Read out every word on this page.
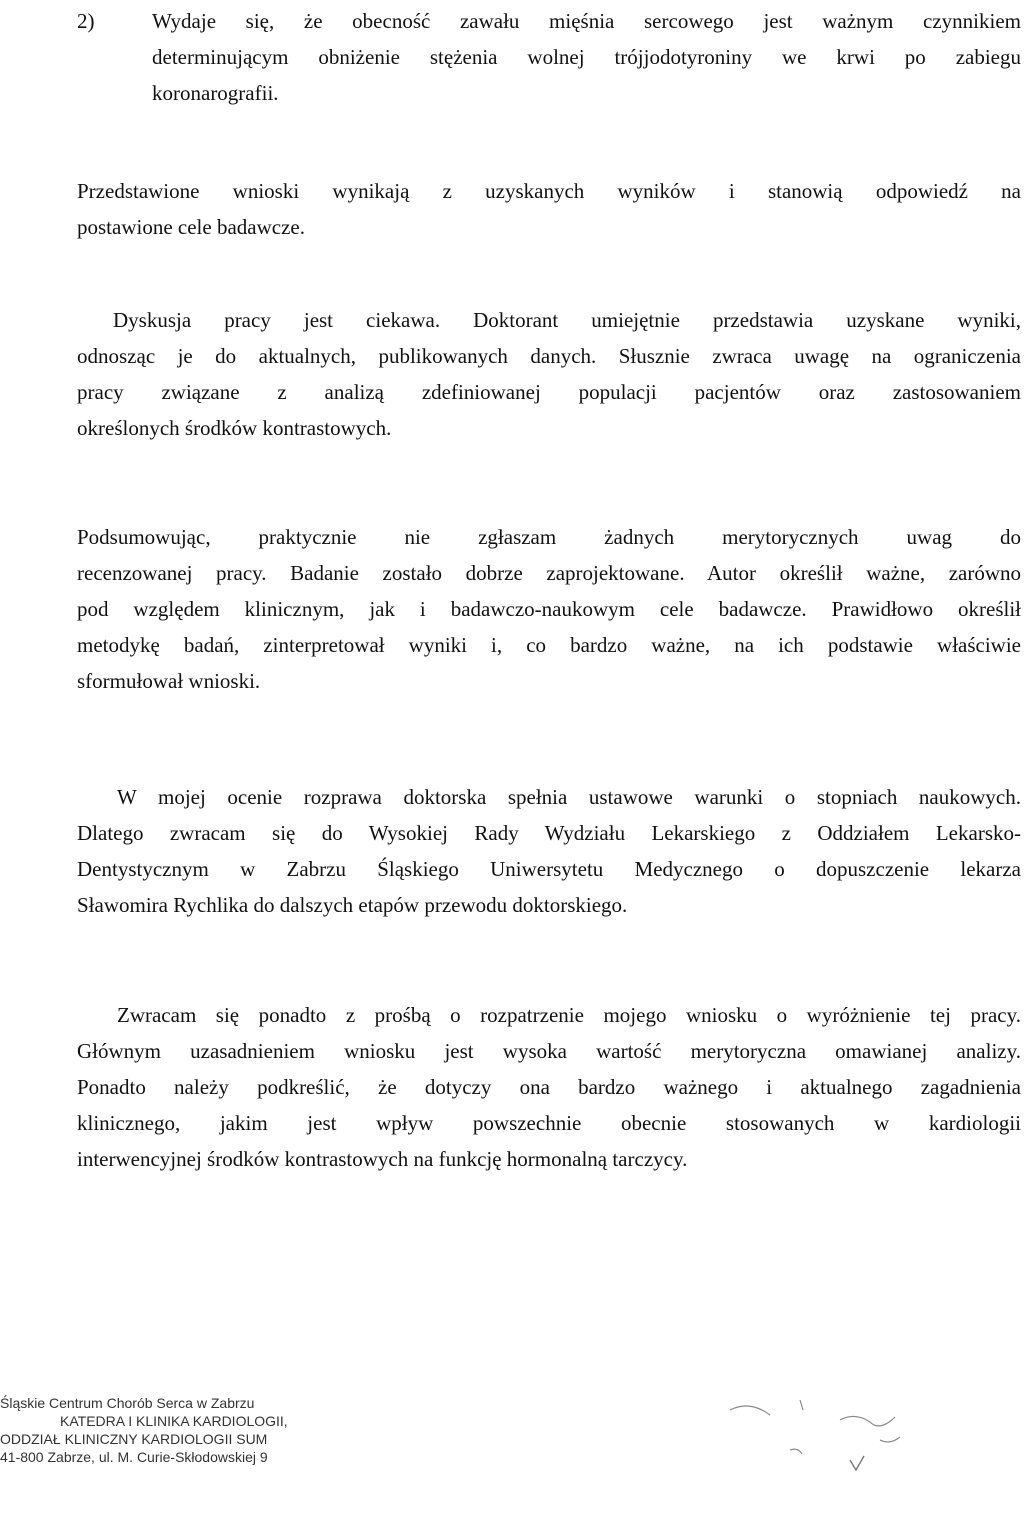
2)	Wydaje się, że obecność zawału mięśnia sercowego jest ważnym czynnikiem
determinującym obniżenie stężenia wolnej trójjodotyroniny we krwi po zabiegu
koronarografii.
Przedstawione wnioski wynikają z uzyskanych wyników i stanowią odpowiedź na
postawione cele badawcze.
Dyskusja pracy jest ciekawa. Doktorant umiejętnie przedstawia uzyskane wyniki,
odnosząc je do aktualnych, publikowanych danych. Słusznie zwraca uwagę na ograniczenia
pracy związane z analizą zdefiniowanej populacji pacjentów oraz zastosowaniem
określonych środków kontrastowych.
Podsumowując, praktycznie nie zgłaszam żadnych merytorycznych uwag do
recenzowanej pracy. Badanie zostało dobrze zaprojektowane. Autor określił ważne, zarówno
pod względem klinicznym, jak i badawczo-naukowym cele badawcze. Prawidłowo określił
metodykę badań, zinterpretował wyniki i, co bardzo ważne, na ich podstawie właściwie
sformułował wnioski.
W mojej ocenie rozprawa doktorska spełnia ustawowe warunki o stopniach naukowych.
Dlatego zwracam się do Wysokiej Rady Wydziału Lekarskiego z Oddziałem Lekarsko-
Dentystycznym w Zabrzu Śląskiego Uniwersytetu Medycznego o dopuszczenie lekarza
Sławomira Rychlika do dalszych etapów przewodu doktorskiego.
Zwracam się ponadto z prośbą o rozpatrzenie mojego wniosku o wyróżnienie tej pracy.
Głównym uzasadnieniem wniosku jest wysoka wartość merytoryczna omawianej analizy.
Ponadto należy podkreślić, że dotyczy ona bardzo ważnego i aktualnego zagadnienia
klinicznego, jakim jest wpływ powszechnie obecnie stosowanych w kardiologii
interwencyjnej środków kontrastowych na funkcję hormonalną tarczycy.
Śląskie Centrum Chorób Serca w Zabrzu
KATEDRA I KLINIKA KARDIOLOGII,
ODDZIAŁ KLINICZNY KARDIOLOGII SUM
41-800 Zabrze, ul. M. Curie-Skłodowskiej 9
